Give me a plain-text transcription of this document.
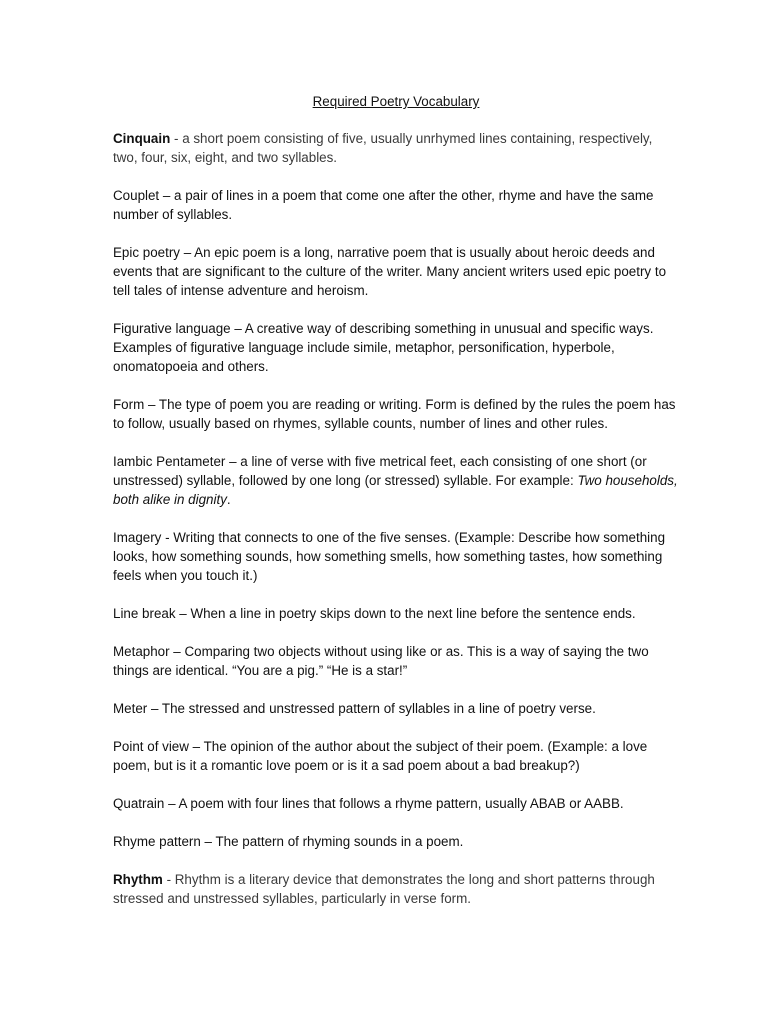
Required Poetry Vocabulary

Cinquain - a short poem consisting of five, usually unrhymed lines containing, respectively, two, four, six, eight, and two syllables.

Couplet – a pair of lines in a poem that come one after the other, rhyme and have the same number of syllables.

Epic poetry – An epic poem is a long, narrative poem that is usually about heroic deeds and events that are significant to the culture of the writer. Many ancient writers used epic poetry to tell tales of intense adventure and heroism.

Figurative language – A creative way of describing something in unusual and specific ways. Examples of figurative language include simile, metaphor, personification, hyperbole, onomatopoeia and others.

Form – The type of poem you are reading or writing. Form is defined by the rules the poem has to follow, usually based on rhymes, syllable counts, number of lines and other rules.

Iambic Pentameter – a line of verse with five metrical feet, each consisting of one short (or unstressed) syllable, followed by one long (or stressed) syllable. For example: Two households, both alike in dignity.

Imagery - Writing that connects to one of the five senses. (Example: Describe how something looks, how something sounds, how something smells, how something tastes, how something feels when you touch it.)

Line break – When a line in poetry skips down to the next line before the sentence ends.

Metaphor – Comparing two objects without using like or as. This is a way of saying the two things are identical. “You are a pig.” “He is a star!”

Meter – The stressed and unstressed pattern of syllables in a line of poetry verse.

Point of view – The opinion of the author about the subject of their poem. (Example: a love poem, but is it a romantic love poem or is it a sad poem about a bad breakup?)

Quatrain – A poem with four lines that follows a rhyme pattern, usually ABAB or AABB.

Rhyme pattern – The pattern of rhyming sounds in a poem.

Rhythm - Rhythm is a literary device that demonstrates the long and short patterns through stressed and unstressed syllables, particularly in verse form.
